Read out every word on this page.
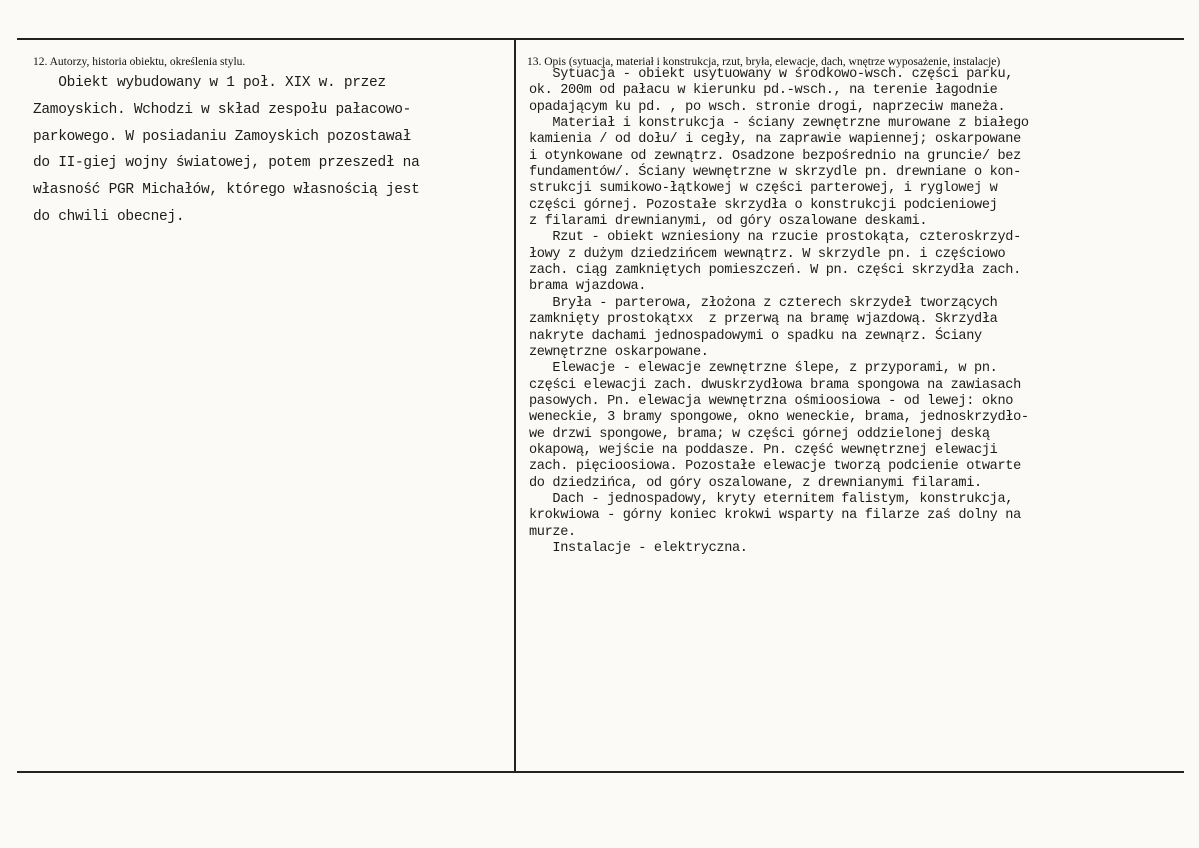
12. Autorzy, historia obiektu, określenia stylu.	13. Opis (sytuacja, materiał i konstrukcja, rzut, bryła, elewacje, dach, wnętrze wyposażenie, instalacje)
Obiekt wybudowany w 1 poł. XIX w. przez
Zamoyskich. Wchodzi w skład zespołu pałacowo-
parkowego. W posiadaniu Zamoyskich pozostawał
do II-giej wojny światowej, potem przeszedł na
własność PGR Michałów, którego własnością jest
do chwili obecnej.
Sytuacja - obiekt usytuowany w środkowo-wsch. części parku,
ok. 200m od pałacu w kierunku pd.-wsch., na terenie łagodnie
opadającym ku pd. , po wsch. stronie drogi, naprzeciw maneża.
Materiał i konstrukcja - ściany zewnętrzne murowane z białego
kamienia / od dołu/ i cegły, na zaprawie wapiennej; oskarpowane
i otynkowane od zewnątrz. Osadzone bezpośrednio na gruncie/ bez
fundamentów/. Ściany wewnętrzne w skrzydle pn. drewniane o kon-
strukcji sumikowo-łątkowej w części parterowej, i ryglowej w
części górnej. Pozostałe skrzydła o konstrukcji podcieniowej
z filarami drewnianymi, od góry oszalowane deskami.
Rzut - obiekt wzniesiony na rzucie prostokąta, czteroskrzyd-
łowy z dużym dziedzińcem wewnątrz. W skrzydle pn. i częściowo
zach. ciąg zamkniętych pomieszczeń. W pn. części skrzydła zach.
brama wjazdowa.
Bryła - parterowa, złożona z czterech skrzydeł tworzących
zamknięty prostokątxx  z przerwą na bramę wjazdową. Skrzydła
nakryte dachami jednospadowymi o spadku na zewnąrz. Ściany
zewnętrzne oskarpowane.
Elewacje - elewacje zewnętrzne ślepe, z przyporami, w pn.
części elewacji zach. dwuskrzydłowa brama spongowa na zawiasach
pasowych. Pn. elewacja wewnętrzna ośmioosiowa - od lewej: okno
weneckie, 3 bramy spongowe, okno weneckie, brama, jednoskrzydło-
we drzwi spongowe, brama; w części górnej oddzielonej deską
okapową, wejście na poddasze. Pn. część wewnętrznej elewacji
zach. pięcioosiowa. Pozostałe elewacje tworzą podcienie otwarte
do dziedzińca, od góry oszalowane, z drewnianymi filarami.
Dach - jednospadowy, kryty eternitem falistym, konstrukcja,
krokwiowa - górny koniec krokwi wsparty na filarze zaś dolny na
murze.
Instalacje - elektryczna.
